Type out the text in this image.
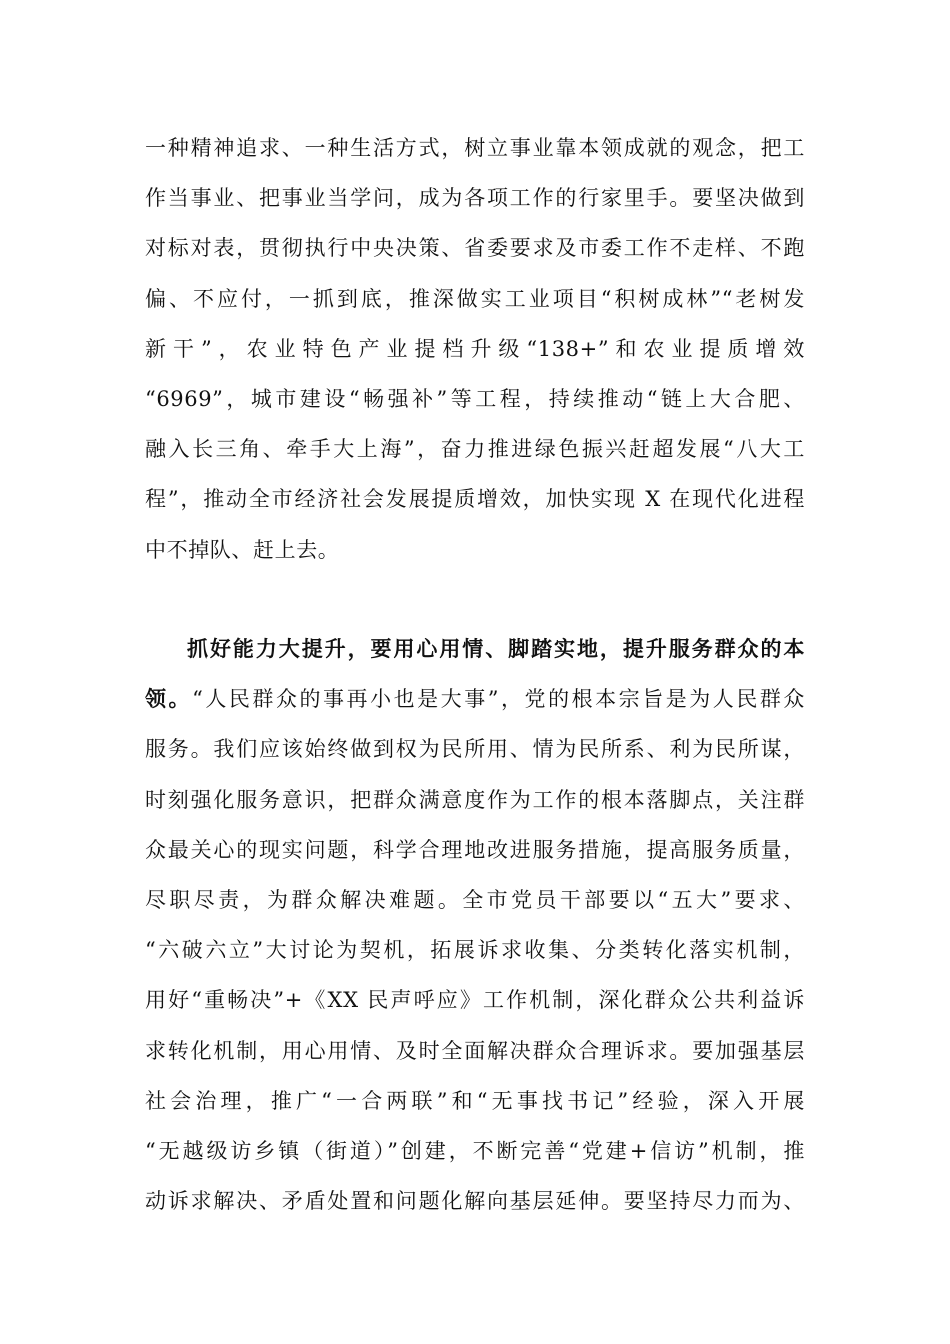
一种精神追求、一种生活方式，树立事业靠本领成就的观念，把工
作当事业、把事业当学问，成为各项工作的行家里手。要坚决做到
对标对表，贯彻执行中央决策、省委要求及市委工作不走样、不跑
偏、不应付，一抓到底，推深做实工业项目“积树成林”“老树发
新干”，农业特色产业提档升级“138+”和农业提质增效
“6969”，城市建设“畅强补”等工程，持续推动“链上大合肥、
融入长三角、牵手大上海”，奋力推进绿色振兴赶超发展“八大工
程”，推动全市经济社会发展提质增效，加快实现 X 在现代化进程
中不掉队、赶上去。
抓好能力大提升，要用心用情、脚踏实地，提升服务群众的本
领。“人民群众的事再小也是大事”，党的根本宗旨是为人民群众
服务。我们应该始终做到权为民所用、情为民所系、利为民所谋，
时刻强化服务意识，把群众满意度作为工作的根本落脚点，关注群
众最关心的现实问题，科学合理地改进服务措施，提高服务质量，
尽职尽责，为群众解决难题。全市党员干部要以“五大”要求、
“六破六立”大讨论为契机，拓展诉求收集、分类转化落实机制，
用好“重畅决”+《XX 民声呼应》工作机制，深化群众公共利益诉
求转化机制，用心用情、及时全面解决群众合理诉求。要加强基层
社会治理，推广“一合两联”和“无事找书记”经验，深入开展
“无越级访乡镇（街道）”创建，不断完善“党建+信访”机制，推
动诉求解决、矛盾处置和问题化解向基层延伸。要坚持尽力而为、
